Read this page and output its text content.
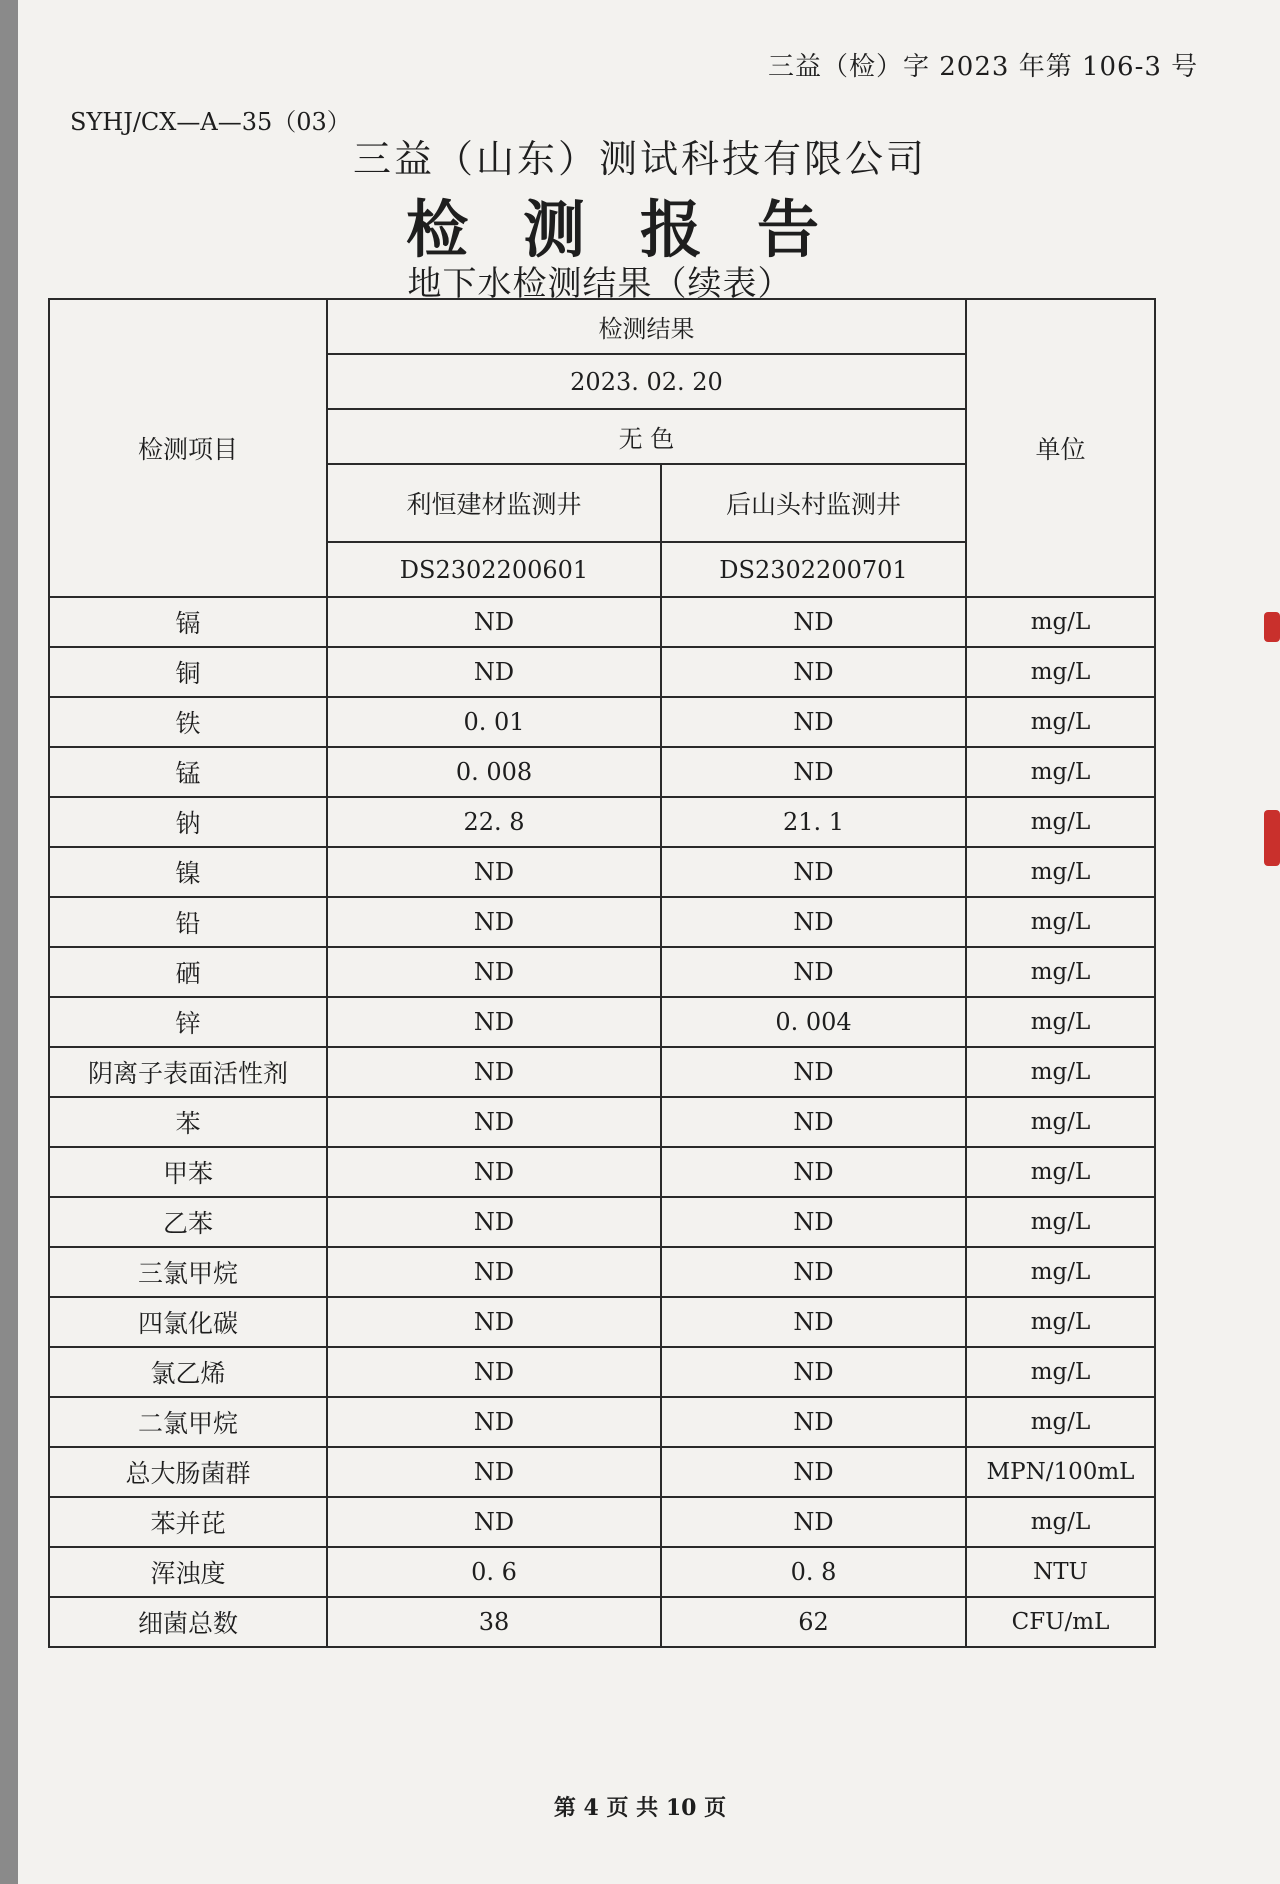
三益（检）字 2023 年第 106-3 号
SYHJ/CX—A—35（03）
三益（山东）测试科技有限公司
检测报告
地下水检测结果（续表）
检测项目	检测结果		单位
	2023. 02. 20		
	无 色		
	利恒建材监测井	后山头村监测井	
	DS2302200601	DS2302200701	

镉	ND	ND	mg/L
铜	ND	ND	mg/L
铁	0. 01	ND	mg/L
锰	0. 008	ND	mg/L
钠	22. 8	21. 1	mg/L
镍	ND	ND	mg/L
铅	ND	ND	mg/L
硒	ND	ND	mg/L
锌	ND	0. 004	mg/L
阴离子表面活性剂	ND	ND	mg/L
苯	ND	ND	mg/L
甲苯	ND	ND	mg/L
乙苯	ND	ND	mg/L
三氯甲烷	ND	ND	mg/L
四氯化碳	ND	ND	mg/L
氯乙烯	ND	ND	mg/L
二氯甲烷	ND	ND	mg/L
总大肠菌群	ND	ND	MPN/100mL
苯并芘	ND	ND	mg/L
浑浊度	0. 6	0. 8	NTU
细菌总数	38	62	CFU/mL
第 4 页 共 10 页
